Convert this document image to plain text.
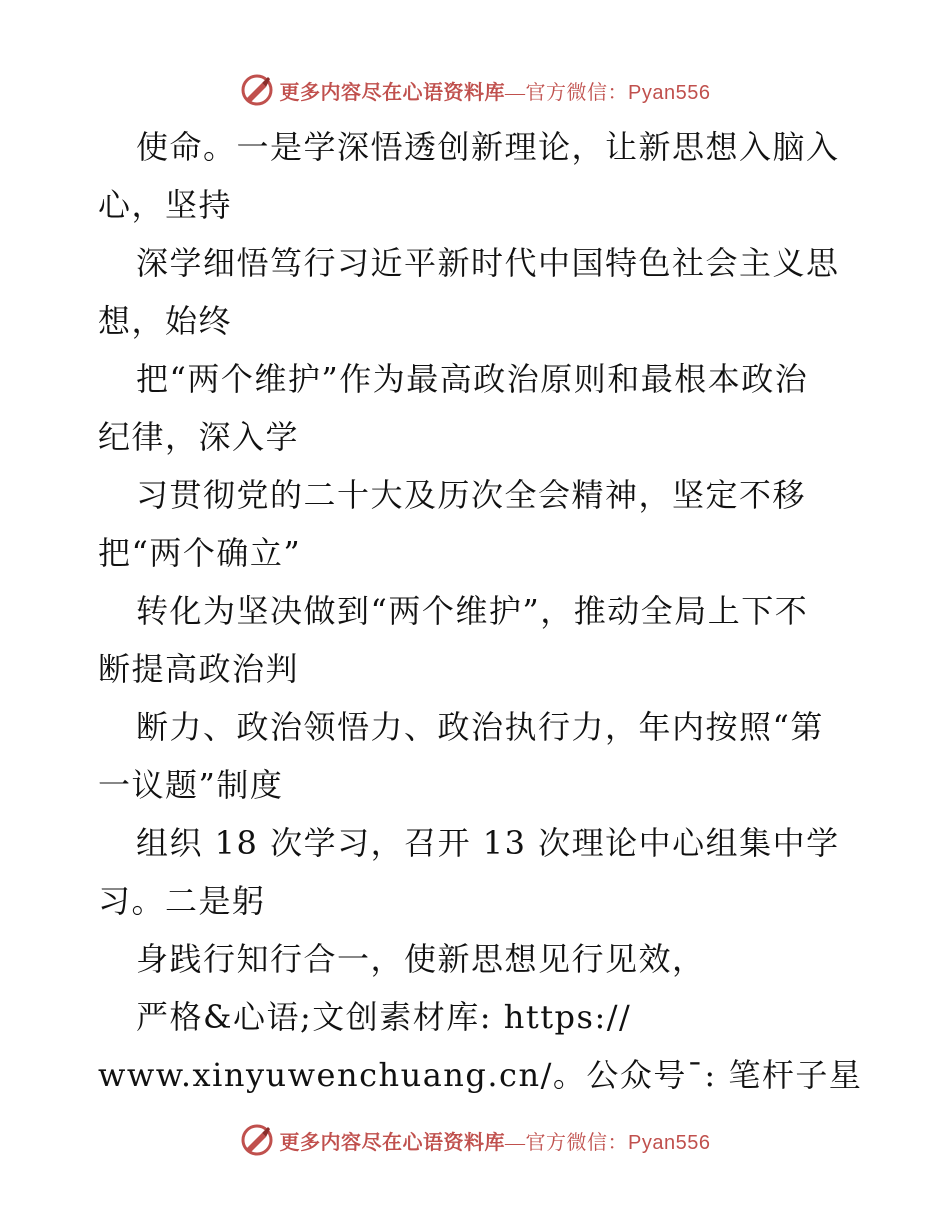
更多内容尽在心语资料库—官方微信：Pyan556
使命。一是学深悟透创新理论，让新思想入脑入
心，坚持
深学细悟笃行习近平新时代中国特色社会主义思
想，始终
把“两个维护”作为最高政治原则和最根本政治
纪律，深入学
习贯彻党的二十大及历次全会精神，坚定不移
把“两个确立”
转化为坚决做到“两个维护”，推动全局上下不
断提高政治判
断力、政治领悟力、政治执行力，年内按照“第
一议题”制度
组织 18 次学习，召开 13 次理论中心组集中学
习。二是躬
身践行知行合一，使新思想见行见效，
严格&心语;文创素材库: https://
www.xinyuwenchuang.cn/。公众号¯: 笔杆子星
更多内容尽在心语资料库—官方微信：Pyan556
